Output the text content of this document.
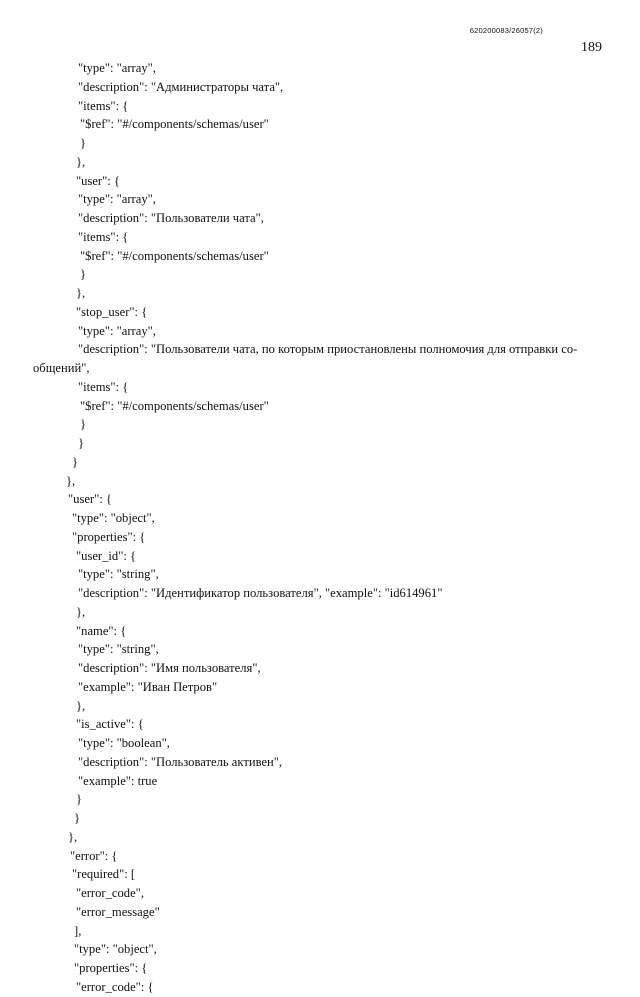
620200083/26057(2)
189
"type": "array",
"description": "Администраторы чата",
"items": {
"$ref": "#/components/schemas/user"
}
},
"user": {
"type": "array",
"description": "Пользователи чата",
"items": {
"$ref": "#/components/schemas/user"
}
},
"stop_user": {
"type": "array",
"description": "Пользователи чата, по которым приостановлены полномочия для отправки со-
общений",
"items": {
"$ref": "#/components/schemas/user"
}
}
}
},
"user": {
"type": "object",
"properties": {
"user_id": {
"type": "string",
"description": "Идентификатор пользователя", "example": "id614961"
},
"name": {
"type": "string",
"description": "Имя пользователя",
"example": "Иван Петров"
},
"is_active": {
"type": "boolean",
"description": "Пользователь активен",
"example": true
}
}
},
"error": {
"required": [
"error_code",
"error_message"
],
"type": "object",
"properties": {
"error_code": {
